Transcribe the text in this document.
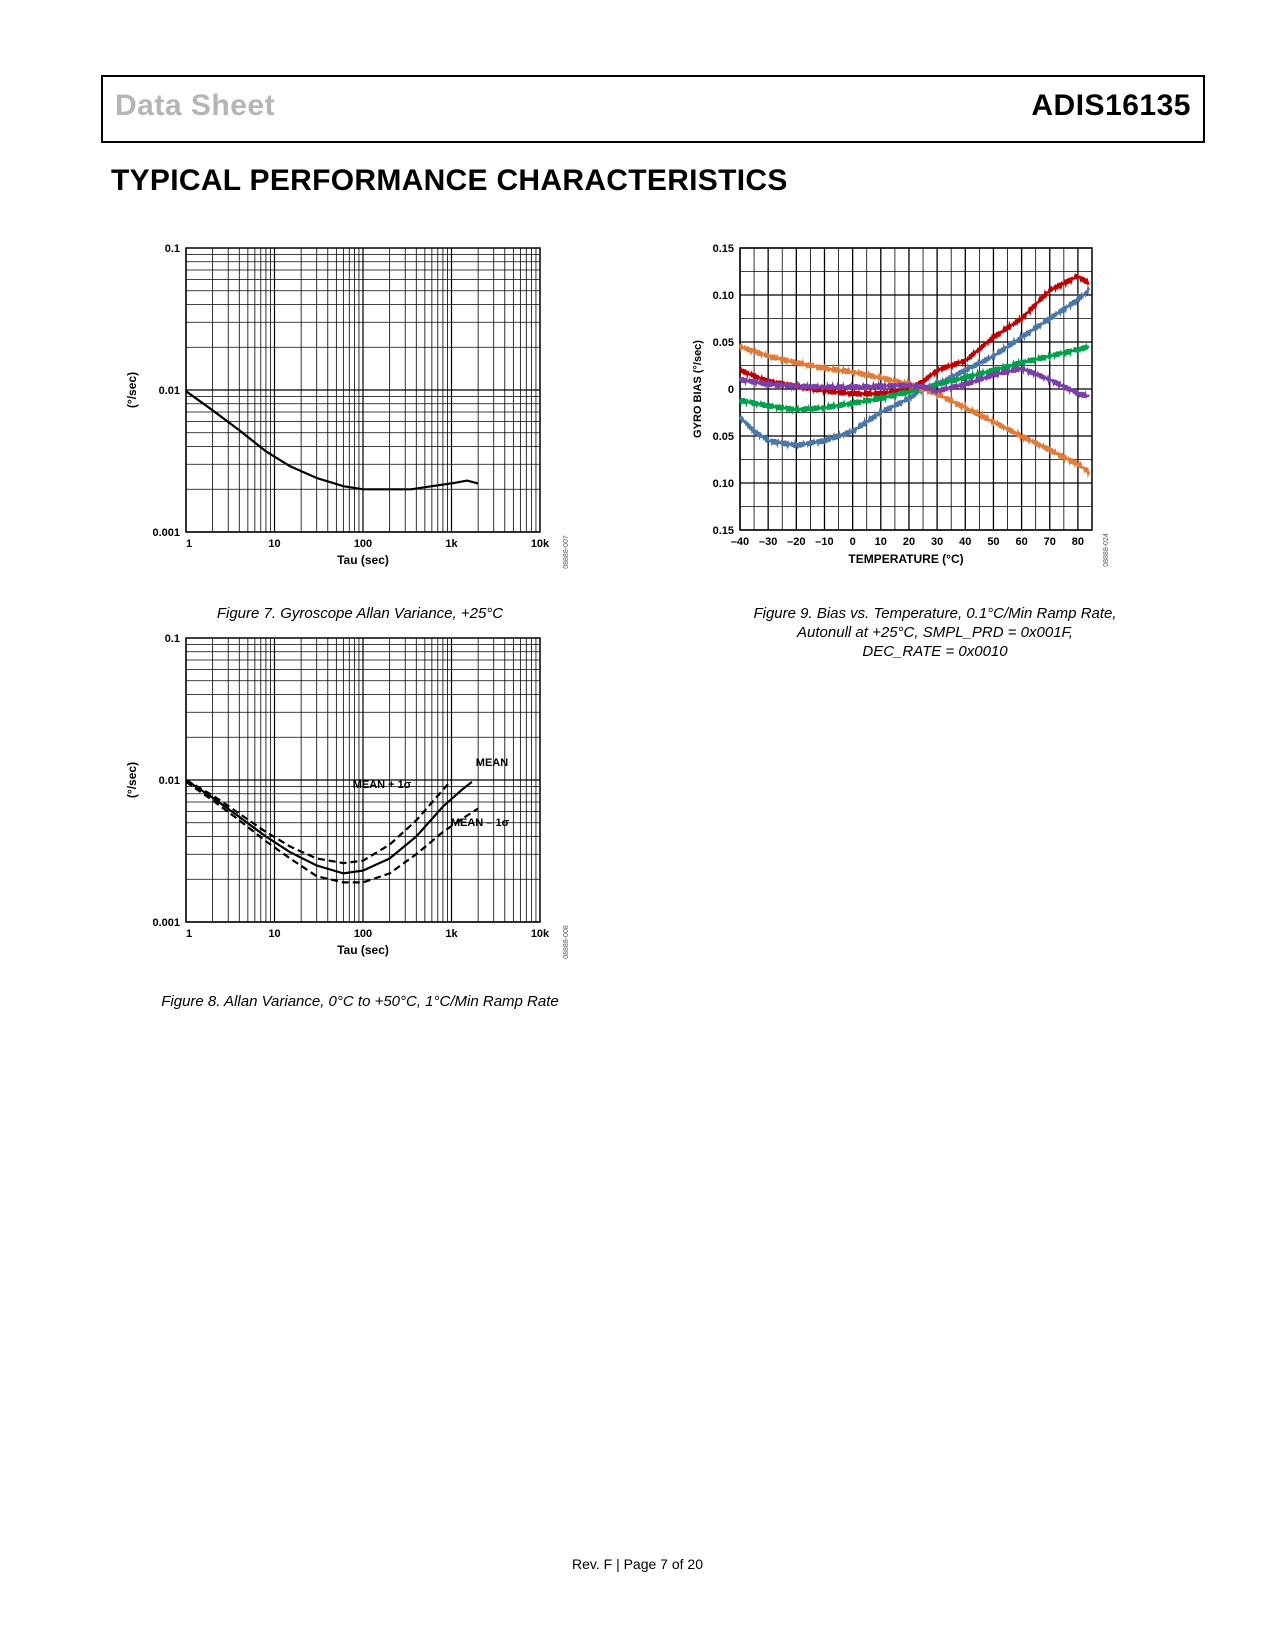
Data Sheet	ADIS16135
TYPICAL PERFORMANCE CHARACTERISTICS
1	10	100	1k	10k
0.001
0.01
0.1
Tau (sec)
(°/sec)
08888-007
Figure 7. Gyroscope Allan Variance, +25°C
1	10	100	1k	10k
0.001
0.01
0.1
Tau (sec)
(°/sec)
08888-008
MEAN
MEAN + 1σ
MEAN – 1σ
Figure 8. Allan Variance, 0°C to +50°C, 1°C/Min Ramp Rate
–40 –30 –20 –10 0 10 20 30 40 50 60 70 80
0.15
0.10
0.05
0
0.05
0.10
0.15
TEMPERATURE (°C)
GYRO BIAS (°/sec)
08888-024
Figure 9. Bias vs. Temperature, 0.1°C/Min Ramp Rate,
Autonull at +25°C, SMPL_PRD = 0x001F,
DEC_RATE = 0x0010
Rev. F | Page 7 of 20
